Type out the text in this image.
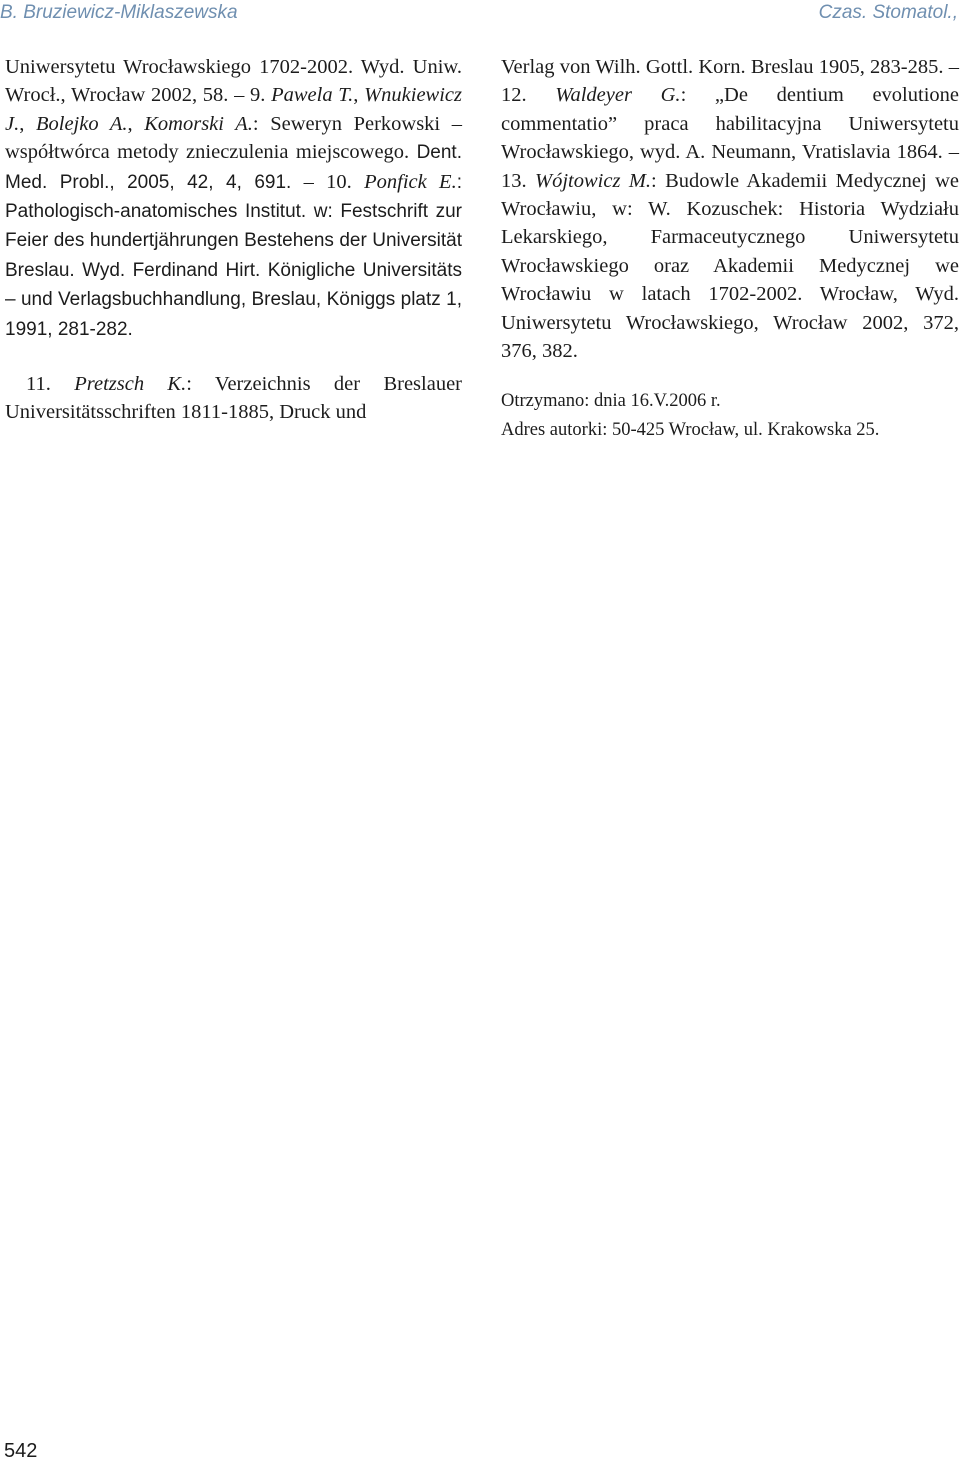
B. Bruziewicz-Miklaszewska	Czas. Stomatol.,

Uniwersytetu Wrocławskiego 1702-2002. Wyd. Uniw. Wrocł., Wrocław 2002, 58. – 9. Pawela T., Wnukiewicz J., Bolejko A., Komorski A.: Seweryn Perkowski – współtwórca metody znieczulenia miejscowego. Dent. Med. Probl., 2005, 42, 4, 691. – 10. Ponfick E.: Pathologisch-anatomisches Institut. w: Festschrift zur Feier des hundertjährungen Bestehens der Universität Breslau. Wyd. Ferdinand Hirt. Königliche Universitäts – und Verlagsbuchhandlung, Breslau, Königgs platz 1, 1991, 281-282.

11. Pretzsch K.: Verzeichnis der Breslauer Universitätsschriften 1811-1885, Druck und

Verlag von Wilh. Gottl. Korn. Breslau 1905, 283-285. – 12. Waldeyer G.: „De dentium evolutione commentatio” praca habilitacyjna Uniwersytetu Wrocławskiego, wyd. A. Neumann, Vratislavia 1864. – 13. Wójtowicz M.: Budowle Akademii Medycznej we Wrocławiu, w: W. Kozuschek: Historia Wydziału Lekarskiego, Farmaceutycznego Uniwersytetu Wrocławskiego oraz Akademii Medycznej we Wrocławiu w latach 1702-2002. Wrocław, Wyd. Uniwersytetu Wrocławskiego, Wrocław 2002, 372, 376, 382.

Otrzymano: dnia 16.V.2006 r.

Adres autorki: 50-425 Wrocław, ul. Krakowska 25.

542
